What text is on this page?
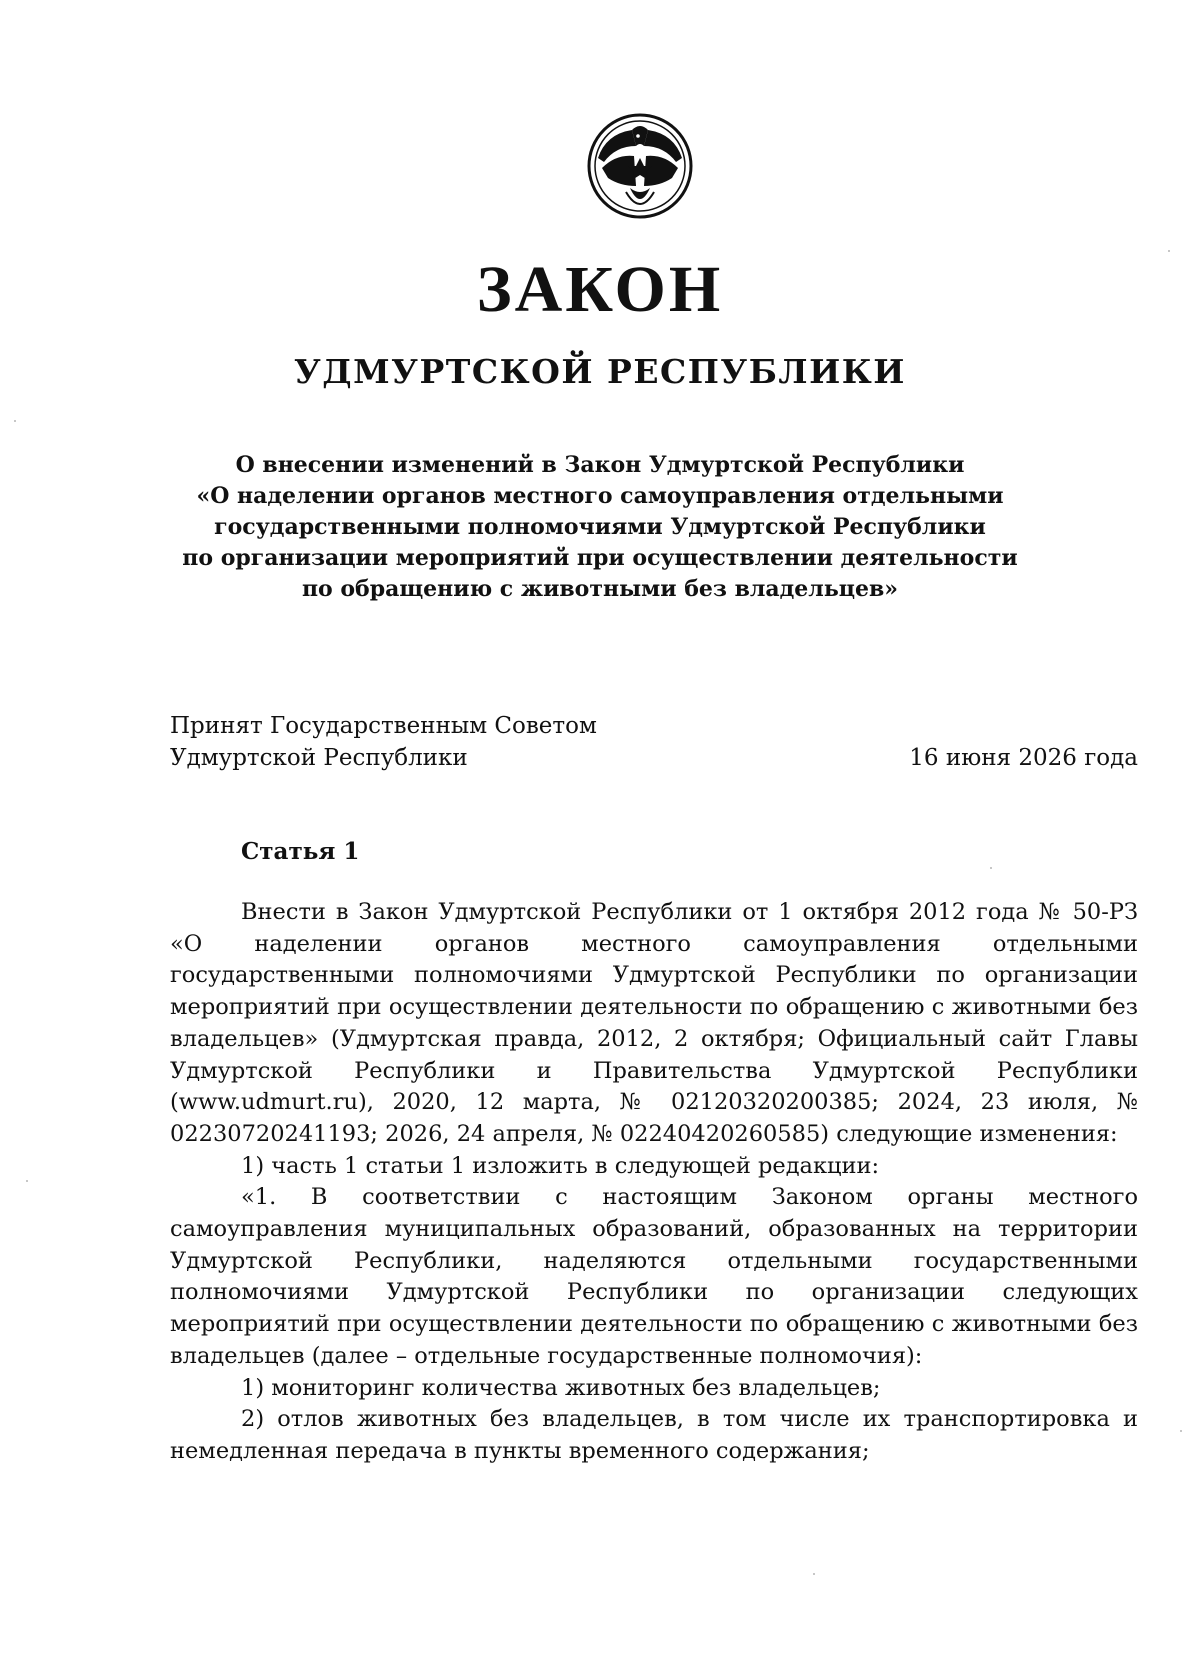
ЗАКОН
УДМУРТСКОЙ РЕСПУБЛИКИ
О внесении изменений в Закон Удмуртской Республики
«О наделении органов местного самоуправления отдельными
государственными полномочиями Удмуртской Республики
по организации мероприятий при осуществлении деятельности
по обращению с животными без владельцев»
Принят Государственным Советом
Удмуртской Республики	16 июня 2026 года
Статья 1

Внести в Закон Удмуртской Республики от 1 октября 2012 года № 50-РЗ «О наделении органов местного самоуправления отдельными государственными полномочиями Удмуртской Республики по организации мероприятий при осуществлении деятельности по обращению с животными без владельцев» (Удмуртская правда, 2012, 2 октября; Официальный сайт Главы Удмуртской Республики и Правительства Удмуртской Республики (www.udmurt.ru), 2020, 12 марта, № 02120320200385; 2024, 23 июля, № 02230720241193; 2026, 24 апреля, № 02240420260585) следующие изменения:

1) часть 1 статьи 1 изложить в следующей редакции:

«1. В соответствии с настоящим Законом органы местного самоуправления муниципальных образований, образованных на территории Удмуртской Республики, наделяются отдельными государственными полномочиями Удмуртской Республики по организации следующих мероприятий при осуществлении деятельности по обращению с животными без владельцев (далее – отдельные государственные полномочия):

1) мониторинг количества животных без владельцев;

2) отлов животных без владельцев, в том числе их транспортировка и немедленная передача в пункты временного содержания;
